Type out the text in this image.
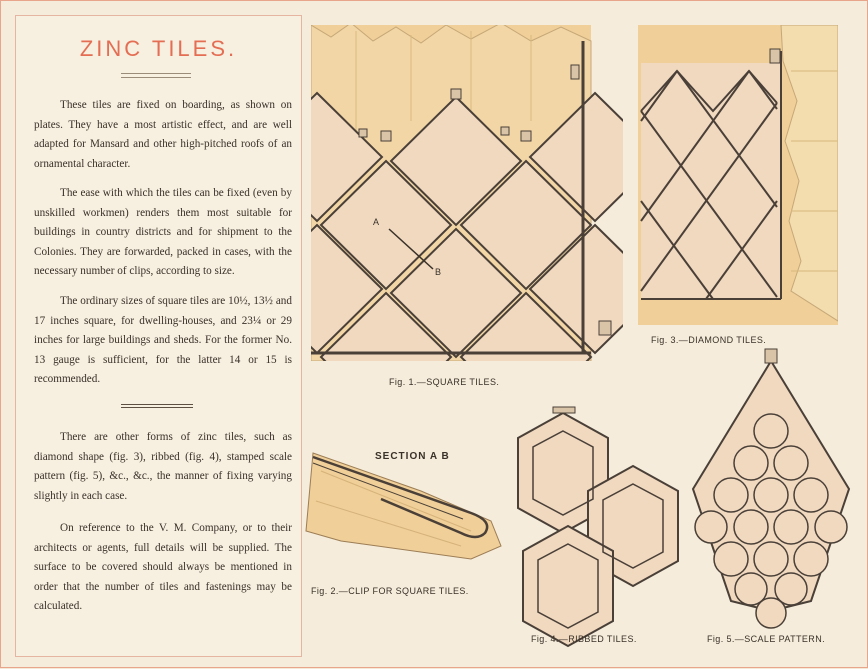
ZINC TILES.

These tiles are fixed on boarding, as shown on plates. They have a most artistic effect, and are well adapted for Mansard and other high-pitched roofs of an ornamental character.

The ease with which the tiles can be fixed (even by unskilled workmen) renders them most suitable for buildings in country districts and for shipment to the Colonies. They are forwarded, packed in cases, with the necessary number of clips, according to size.

The ordinary sizes of square tiles are 10½, 13½ and 17 inches square, for dwelling-houses, and 23¼ or 29 inches for large buildings and sheds. For the former No. 13 gauge is sufficient, for the latter 14 or 15 is recommended.

There are other forms of zinc tiles, such as diamond shape (fig. 3), ribbed (fig. 4), stamped scale pattern (fig. 5), &c., &c., the manner of fixing varying slightly in each case.

On reference to the V. M. Company, or to their architects or agents, full details will be supplied. The surface to be covered should always be mentioned in order that the number of tiles and fastenings may be calculated.

A
B

Fig. 1.—SQUARE TILES.

Fig. 3.—DIAMOND TILES.

SECTION A B

Fig. 2.—CLIP FOR SQUARE TILES.

Fig. 4.—RIBBED TILES.	Fig. 5.—SCALE PATTERN.
